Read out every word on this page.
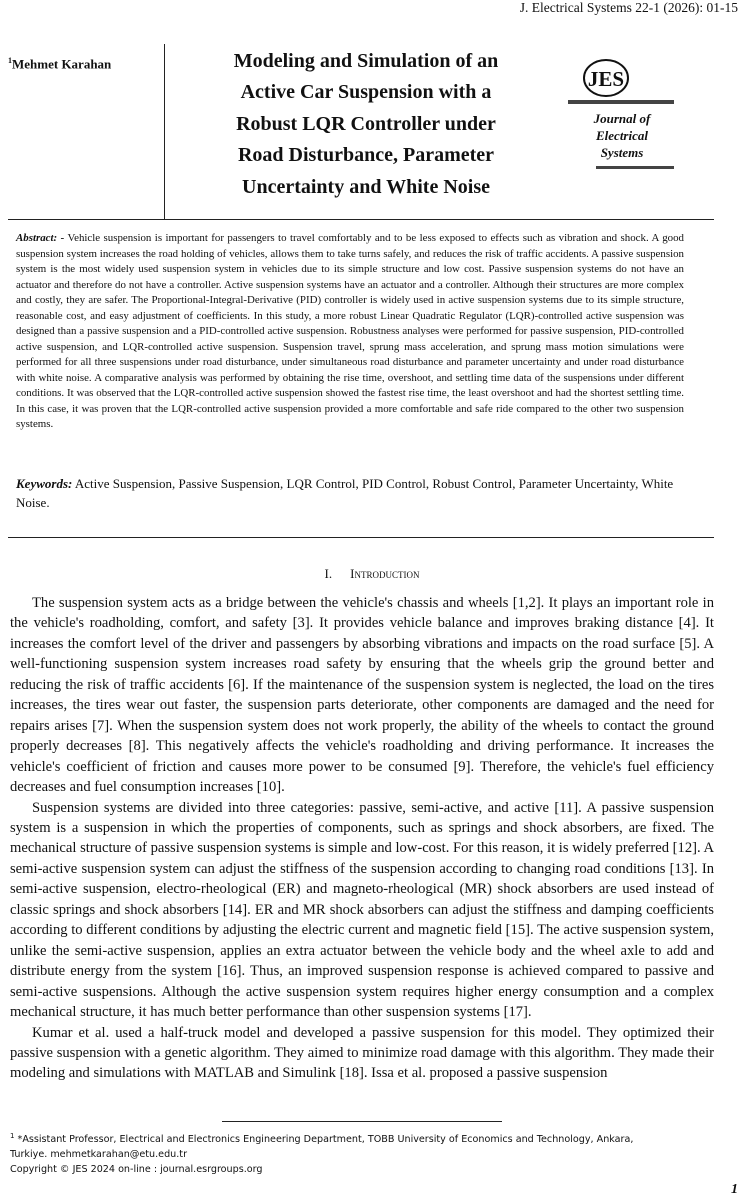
J. Electrical Systems 22-1 (2026): 01-15
$^1$Mehmet Karahan	Modeling and Simulation of an
Active Car Suspension with a
Robust LQR Controller under
Road Disturbance, Parameter
Uncertainty and White Noise
JES
Journal of
Electrical
Systems
Abstract: - Vehicle suspension is important for passengers to travel comfortably and to be less exposed to effects such as vibration and shock. A good suspension system increases the road holding of vehicles, allows them to take turns safely, and reduces the risk of traffic accidents. A passive suspension system is the most widely used suspension system in vehicles due to its simple structure and low cost. Passive suspension systems do not have an actuator and therefore do not have a controller. Active suspension systems have an actuator and a controller. Although their structures are more complex and costly, they are safer. The Proportional-Integral-Derivative (PID) controller is widely used in active suspension systems due to its simple structure, reasonable cost, and easy adjustment of coefficients. In this study, a more robust Linear Quadratic Regulator (LQR)-controlled active suspension was designed than a passive suspension and a PID-controlled active suspension. Robustness analyses were performed for passive suspension, PID-controlled active suspension, and LQR-controlled active suspension. Suspension travel, sprung mass acceleration, and sprung mass motion simulations were performed for all three suspensions under road disturbance, under simultaneous road disturbance and parameter uncertainty and under road disturbance with white noise. A comparative analysis was performed by obtaining the rise time, overshoot, and settling time data of the suspensions under different conditions. It was observed that the LQR-controlled active suspension showed the fastest rise time, the least overshoot and had the shortest settling time. In this case, it was proven that the LQR-controlled active suspension provided a more comfortable and safe ride compared to the other two suspension systems.
Keywords: Active Suspension, Passive Suspension, LQR Control, PID Control, Robust Control, Parameter Uncertainty, White Noise.
I. Introduction

The suspension system acts as a bridge between the vehicle's chassis and wheels [1,2]. It plays an important role in the vehicle's roadholding, comfort, and safety [3]. It provides vehicle balance and improves braking distance [4]. It increases the comfort level of the driver and passengers by absorbing vibrations and impacts on the road surface [5]. A well-functioning suspension system increases road safety by ensuring that the wheels grip the ground better and reducing the risk of traffic accidents [6]. If the maintenance of the suspension system is neglected, the load on the tires increases, the tires wear out faster, the suspension parts deteriorate, other components are damaged and the need for repairs arises [7]. When the suspension system does not work properly, the ability of the wheels to contact the ground properly decreases [8]. This negatively affects the vehicle's roadholding and driving performance. It increases the vehicle's coefficient of friction and causes more power to be consumed [9]. Therefore, the vehicle's fuel efficiency decreases and fuel consumption increases [10].

Suspension systems are divided into three categories: passive, semi-active, and active [11]. A passive suspension system is a suspension in which the properties of components, such as springs and shock absorbers, are fixed. The mechanical structure of passive suspension systems is simple and low-cost. For this reason, it is widely preferred [12]. A semi-active suspension system can adjust the stiffness of the suspension according to changing road conditions [13]. In semi-active suspension, electro-rheological (ER) and magneto-rheological (MR) shock absorbers are used instead of classic springs and shock absorbers [14]. ER and MR shock absorbers can adjust the stiffness and damping coefficients according to different conditions by adjusting the electric current and magnetic field [15]. The active suspension system, unlike the semi-active suspension, applies an extra actuator between the vehicle body and the wheel axle to add and distribute energy from the system [16]. Thus, an improved suspension response is achieved compared to passive and semi-active suspensions. Although the active suspension system requires higher energy consumption and a complex mechanical structure, it has much better performance than other suspension systems [17].

Kumar et al. used a half-truck model and developed a passive suspension for this model. They optimized their passive suspension with a genetic algorithm. They aimed to minimize road damage with this algorithm. They made their modeling and simulations with MATLAB and Simulink [18]. Issa et al. proposed a passive suspension

$^1$ *Assistant Professor, Electrical and Electronics Engineering Department, TOBB University of Economics and Technology, Ankara,
Turkiye. mehmetkarahan@etu.edu.tr
Copyright © JES 2024 on-line : journal.esrgroups.org
1
